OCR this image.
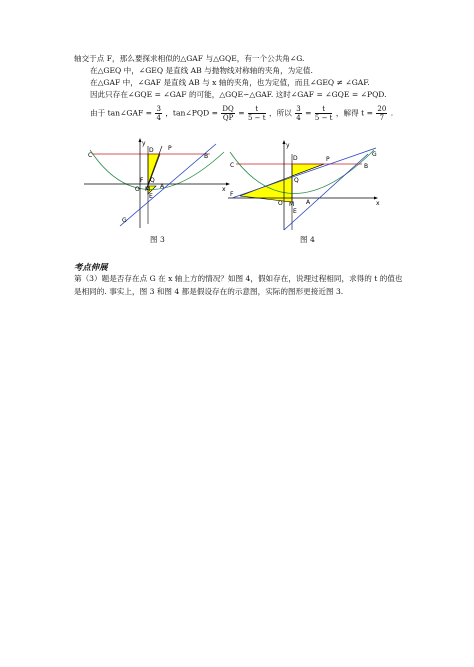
轴交于点 F，那么要探求相似的△GAF 与△GQE，有一个公共角∠G.
在△GEQ 中，∠GEQ 是直线 AB 与抛物线对称轴的夹角，为定值.
在△GAF 中，∠GAF 是直线 AB 与 x 轴的夹角，也为定值，而且∠GEQ ≠ ∠GAF.
因此只存在∠GQE = ∠GAF 的可能，△GQE∽△GAF. 这时∠GAF = ∠GQE = ∠PQD.
由于 tan∠GAF = $\frac{3}{4}$ ，tan∠PQD = $\frac{DQ}{QP} = \frac{t}{5 - t}$ ，所以 $\frac{3}{4} = \frac{t}{5 - t}$ ，解得 $t = \frac{20}{7}$ .
y
C
D P
B
F Q
O M A	x
E
G
图 3
y
D	P
G
B
C
Q
F
O M A	x
E
图 4
考点伸展
第（3）题是否存在点 G 在 x 轴上方的情况？如图 4，假如存在，说理过程相同，求得的 t 的值也是相同的. 事实上，图 3 和图 4 都是假设存在的示意图，实际的图形更接近图 3.
